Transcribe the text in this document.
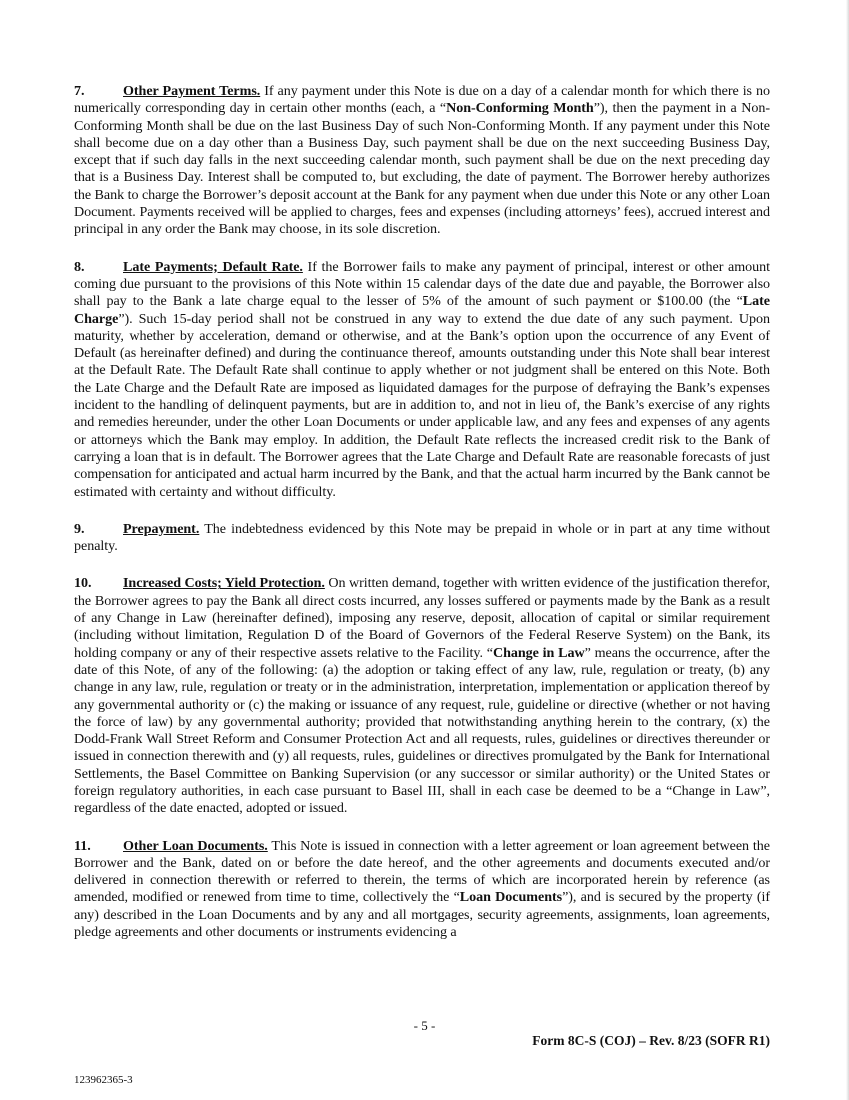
7.	Other Payment Terms. If any payment under this Note is due on a day of a calendar month for which there is no numerically corresponding day in certain other months (each, a “Non-Conforming Month”), then the payment in a Non-Conforming Month shall be due on the last Business Day of such Non-Conforming Month. If any payment under this Note shall become due on a day other than a Business Day, such payment shall be due on the next succeeding Business Day, except that if such day falls in the next succeeding calendar month, such payment shall be due on the next preceding day that is a Business Day. Interest shall be computed to, but excluding, the date of payment. The Borrower hereby authorizes the Bank to charge the Borrower’s deposit account at the Bank for any payment when due under this Note or any other Loan Document. Payments received will be applied to charges, fees and expenses (including attorneys’ fees), accrued interest and principal in any order the Bank may choose, in its sole discretion.

8.	Late Payments; Default Rate. If the Borrower fails to make any payment of principal, interest or other amount coming due pursuant to the provisions of this Note within 15 calendar days of the date due and payable, the Borrower also shall pay to the Bank a late charge equal to the lesser of 5% of the amount of such payment or $100.00 (the “Late Charge”). Such 15-day period shall not be construed in any way to extend the due date of any such payment. Upon maturity, whether by acceleration, demand or otherwise, and at the Bank’s option upon the occurrence of any Event of Default (as hereinafter defined) and during the continuance thereof, amounts outstanding under this Note shall bear interest at the Default Rate. The Default Rate shall continue to apply whether or not judgment shall be entered on this Note. Both the Late Charge and the Default Rate are imposed as liquidated damages for the purpose of defraying the Bank’s expenses incident to the handling of delinquent payments, but are in addition to, and not in lieu of, the Bank’s exercise of any rights and remedies hereunder, under the other Loan Documents or under applicable law, and any fees and expenses of any agents or attorneys which the Bank may employ. In addition, the Default Rate reflects the increased credit risk to the Bank of carrying a loan that is in default. The Borrower agrees that the Late Charge and Default Rate are reasonable forecasts of just compensation for anticipated and actual harm incurred by the Bank, and that the actual harm incurred by the Bank cannot be estimated with certainty and without difficulty.

9.	Prepayment. The indebtedness evidenced by this Note may be prepaid in whole or in part at any time without penalty.

10. Increased Costs; Yield Protection. On written demand, together with written evidence of the justification therefor, the Borrower agrees to pay the Bank all direct costs incurred, any losses suffered or payments made by the Bank as a result of any Change in Law (hereinafter defined), imposing any reserve, deposit, allocation of capital or similar requirement (including without limitation, Regulation D of the Board of Governors of the Federal Reserve System) on the Bank, its holding company or any of their respective assets relative to the Facility. “Change in Law” means the occurrence, after the date of this Note, of any of the following: (a) the adoption or taking effect of any law, rule, regulation or treaty, (b) any change in any law, rule, regulation or treaty or in the administration, interpretation, implementation or application thereof by any governmental authority or (c) the making or issuance of any request, rule, guideline or directive (whether or not having the force of law) by any governmental authority; provided that notwithstanding anything herein to the contrary, (x) the Dodd-Frank Wall Street Reform and Consumer Protection Act and all requests, rules, guidelines or directives thereunder or issued in connection therewith and (y) all requests, rules, guidelines or directives promulgated by the Bank for International Settlements, the Basel Committee on Banking Supervision (or any successor or similar authority) or the United States or foreign regulatory authorities, in each case pursuant to Basel III, shall in each case be deemed to be a “Change in Law”, regardless of the date enacted, adopted or issued.

11. Other Loan Documents. This Note is issued in connection with a letter agreement or loan agreement between the Borrower and the Bank, dated on or before the date hereof, and the other agreements and documents executed and/or delivered in connection therewith or referred to therein, the terms of which are incorporated herein by reference (as amended, modified or renewed from time to time, collectively the “Loan Documents”), and is secured by the property (if any) described in the Loan Documents and by any and all mortgages, security agreements, assignments, loan agreements, pledge agreements and other documents or instruments evidencing a

- 5 -
Form 8C-S (COJ) – Rev. 8/23 (SOFR R1)
123962365-3
